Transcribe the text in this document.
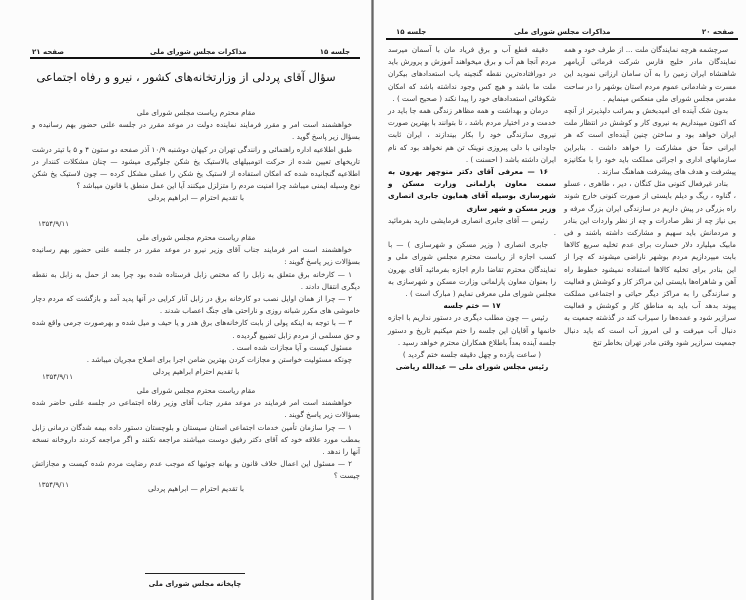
جلسه ۱۵
مذاکرات مجلس شورای ملی
صفحه ۲۱
سؤال آقای پردلی از وزارتخانه‌های کشور ، نیرو و رفاه اجتماعی

مقام محترم ریاست مجلس شورای ملی

خواهشمند است امر و مقرر فرمایند نماینده دولت در موعد مقرر در جلسه علنی حضور بهم رسانیده و بسؤال زیر پاسخ گوید .

طبق اطلاعیه اداره راهنمائی و رانندگی تهران در کیهان دوشنبه ۱۰/۹ آذر صفحه دو ستون ۴ و ۵ با تیتر درشت تاریخهای تعیین شده از حرکت اتومبیلهای بالاستیک یخ شکن جلوگیری میشود — چنان مشکلات کنندار در اطلاعیه گنجانیده شده که امکان استفاده از لاستیک یخ شکن را عملی مشکل کرده — چون لاستیک یخ شکن نوع وسیله ایمنی میباشد چرا امنیت مردم را متزلزل میکنند آیا این عمل منطق با قانون میباشد ؟

با تقدیم احترام — ابراهیم پردلی

۱۳۵۴/۹/۱۱

مقام ریاست محترم مجلس شورای ملی

خواهشمند است امر فرمایند جناب آقای وزیر نیرو در موعد مقرر در جلسه علنی حضور بهم رسانیده بسؤالات زیر پاسخ گویند :

۱ — کارخانه برق متعلق به زابل را که مختص زابل فرستاده شده بود چرا بعد از حمل به زابل به نقطه دیگری انتقال دادند .

۲ — چرا از همان اوایل نصب دو کارخانه برق در زابل آنار کرایی در آنها پدید آمد و بازگشت که مردم دچار خاموشی های مکرر شبانه روزی و ناراحتی های جنگ اعصاب شدند .

۳ — با توجه به اینکه پولی از بابت کارخانه‌های برق هدر و یا حیف و میل شده و بهرصورت جرمی واقع شده و حق مسلمی از مردم زابل تضییع گردیده .

مسئول کیست و آیا مجازات شده است .

چونکه مسئولیت خواستن و مجازات کردن بهترین ضامن اجرا برای اصلاح مجریان میباشد .

با تقدیم احترام ابراهیم پردلی

۱۳۵۴/۹/۱۱

مقام ریاست محترم مجلس شورای ملی

خواهشمند است امر فرمایند در موعد مقرر جناب آقای وزیر رفاه اجتماعی در جلسه علنی حاضر شده بسؤالات زیر پاسخ گویند .

۱ — چرا سازمان تأمین خدمات اجتماعی استان سیستان و بلوچستان دستور داده بیمه شدگان درمانی زابل بمطب مورد علاقه خود که آقای دکتر رفیق دوست میباشند مراجعه نکنند و اگر مراجعه کردند داروخانه نسخه آنها را ندهد .

۲ — مسئول این اعمال خلاف قانون و بهانه جوئیها که موجب عدم رضایت مردم شده کیست و مجازاتش چیست ؟

با تقدیم احترام — ابراهیم پردلی

۱۳۵۴/۹/۱۱
چاپخانه مجلس شورای ملی
صفحه ۲۰
مذاکرات مجلس شورای ملی
جلسه ۱۵

سرچشمه هرچه نمایندگان ملت ... از طرف خود و همه نمایندگان مادر خلیج فارس شرکت فرمائی آریامهر شاهنشاه ایران زمین را به آن سامان ارزانی نمودید این مسرت و شادمانی عموم مردم استان بوشهر را در ساحت مقدس مجلس شورای ملی منعکس مینمایم .

بدون شک آینده ای امیدبخش و بمراتب دلپذیرتر از آنچه که اکنون میپنداریم به نیروی کار و کوشش در انتظار ملت ایران خواهد بود و ساختن چنین آینده‌ای است که هر ایرانی حقاً حق مشارکت را خواهد داشت . بنابراین سازمانهای اداری و اجرائی مملکت باید خود را با مکانیزه پیشرفت و هدف های پیشرفت هماهنگ سازند .

بنادر غیرفعال کنونی مثل کنگان ، دیر ، طاهری ، عسلو ، گناوه ، ریگ و دیلم بایستی از صورت کنونی خارج شوند راه بزرگی در پیش داریم در سازندگی ایران بزرگ مرفه و بی نیاز چه از نظر صادرات و چه از نظر واردات این بنادر و مردمانش باید سهیم و مشارکت داشته باشند و فی مابیک میلیارد دلار خسارت برای عدم تخلیه سریع کالاها بابت میپردازیم مردم بوشهر ناراضی میشوند که چرا از این بنادر برای تخلیه کالاها استفاده نمیشود خطوط راه آهن و شاهراه‌ها بایستی این مراکز کار و کوشش و فعالیت و سازندگی را به مراکز دیگر حیاتی و اجتماعی مملکت پیوند بدهد آب باید به مناطق کار و کوشش و فعالیت سرازیر شود و عمده‌ها را سیراب کند در گذشته جمعیت به دنبال آب میرفت و لی امروز آب است که باید دنبال جمعیت سرازیر شود وقتی مادر تهران بخاطر تنخ

دقیقه قطع آب و برق فریاد مان با آسمان میرسد مردم آنجا هم آب و برق میخواهند آموزش و پرورش باید در دورافتاده‌ترین نقطه گنجینه یاب استعدادهای بیکران ملت ما باشد و هیچ کس وجود نداشته باشد که امکان شکوفائی استعدادهای خود را پیدا نکند ( صحیح است ) .

درمان و بهداشت و همه مظاهر زندگی همه جا باید در خدمت و در اختیار مردم باشد ، تا بتوانند با بهترین صورت نیروی سازندگی خود را بکار بیندازند ، ایران ثابت جاودانی با دلی پیروزی نوینک تن هم نخواهد بود که نام ایران داشته باشد ( احسنت ) .

۱۶ — معرفی آقای دکتر منوچهر بهرون به سمت معاون پارلمانی وزارت مسکن و شهرسازی بوسیله آقای همایون جابری انصاری وزیر مسکن و شهر سازی

رئیس — آقای جابری انصاری فرمایشی دارید بفرمائید .

جابری انصاری ( وزیر مسکن و شهرسازی ) — با کسب اجازه از ریاست محترم مجلس شورای ملی و نمایندگان محترم تقاضا دارم اجازه بفرمائید آقای بهرون را بعنوان معاون پارلمانی وزارت مسکن و شهرسازی به مجلس شورای ملی معرفی نمایم ( مبارک است ) .

۱۷ — ختم جلسه

رئیس — چون مطلب دیگری در دستور نداریم با اجازه خانمها و آقایان این جلسه را ختم میکنیم تاریخ و دستور جلسه آینده بعداً باطلاع همکاران محترم خواهد رسید .

( ساعت یازده و چهل دقیقه جلسه ختم گردید )

رئیس مجلس شورای ملی — عبدالله ریاضی
